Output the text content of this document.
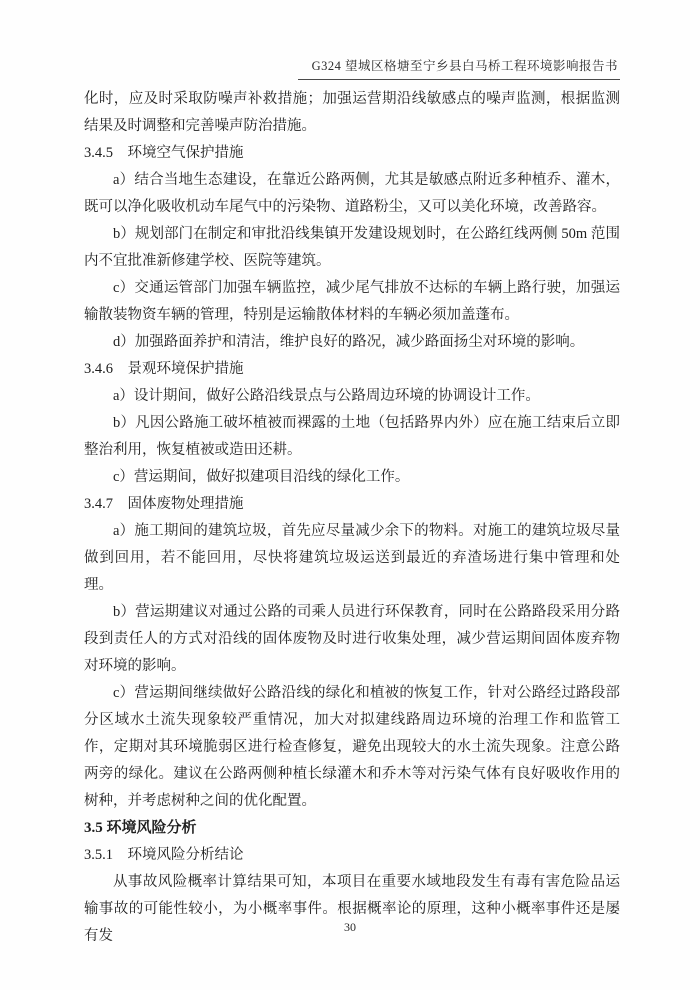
G324 望城区格塘至宁乡县白马桥工程环境影响报告书

化时，应及时采取防噪声补救措施；加强运营期沿线敏感点的噪声监测，根据监测结果及时调整和完善噪声防治措施。

3.4.5　环境空气保护措施

a）结合当地生态建设，在靠近公路两侧，尤其是敏感点附近多种植乔、灌木，既可以净化吸收机动车尾气中的污染物、道路粉尘，又可以美化环境，改善路容。

b）规划部门在制定和审批沿线集镇开发建设规划时，在公路红线两侧 50m 范围内不宜批准新修建学校、医院等建筑。

c）交通运管部门加强车辆监控，减少尾气排放不达标的车辆上路行驶，加强运输散装物资车辆的管理，特别是运输散体材料的车辆必须加盖蓬布。

d）加强路面养护和清洁，维护良好的路况，减少路面扬尘对环境的影响。

3.4.6　景观环境保护措施

a）设计期间，做好公路沿线景点与公路周边环境的协调设计工作。

b）凡因公路施工破坏植被而裸露的土地（包括路界内外）应在施工结束后立即整治利用，恢复植被或造田还耕。

c）营运期间，做好拟建项目沿线的绿化工作。

3.4.7　固体废物处理措施

a）施工期间的建筑垃圾，首先应尽量减少余下的物料。对施工的建筑垃圾尽量做到回用，若不能回用，尽快将建筑垃圾运送到最近的弃渣场进行集中管理和处理。

b）营运期建议对通过公路的司乘人员进行环保教育，同时在公路路段采用分路段到责任人的方式对沿线的固体废物及时进行收集处理，减少营运期间固体废弃物对环境的影响。

c）营运期间继续做好公路沿线的绿化和植被的恢复工作，针对公路经过路段部分区域水土流失现象较严重情况，加大对拟建线路周边环境的治理工作和监管工作，定期对其环境脆弱区进行检查修复，避免出现较大的水土流失现象。注意公路两旁的绿化。建议在公路两侧种植长绿灌木和乔木等对污染气体有良好吸收作用的树种，并考虑树种之间的优化配置。

3.5 环境风险分析

3.5.1　环境风险分析结论

从事故风险概率计算结果可知，本项目在重要水域地段发生有毒有害危险品运输事故的可能性较小，为小概率事件。根据概率论的原理，这种小概率事件还是屡有发

30
